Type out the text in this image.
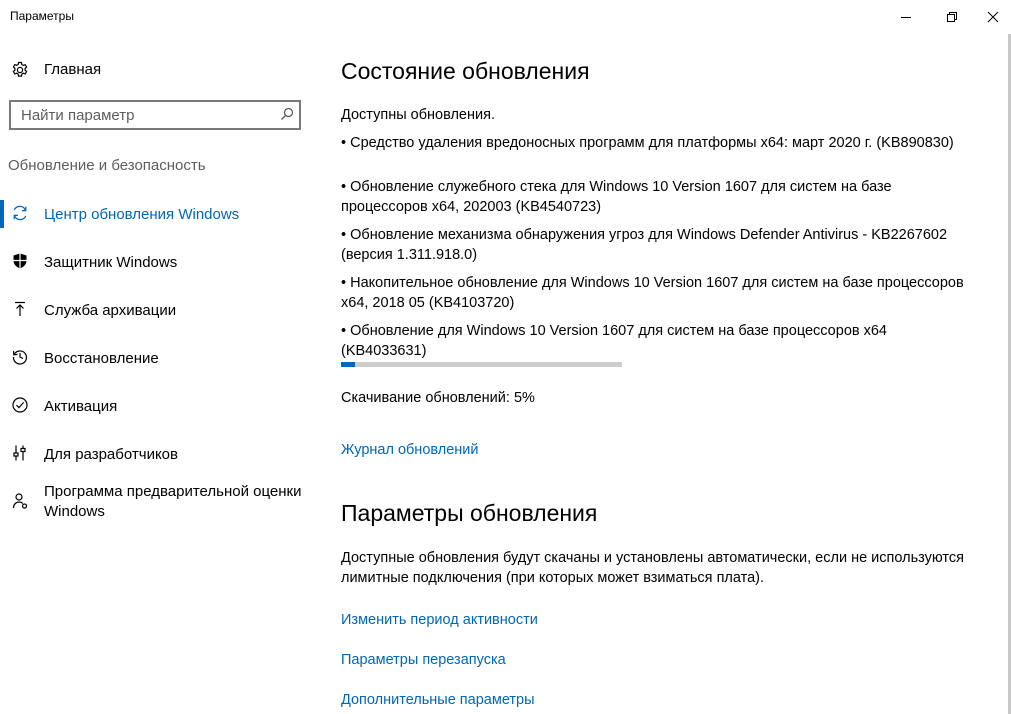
Параметры
Главная
Найти параметр
Обновление и безопасность
Центр обновления Windows
Защитник Windows
Служба архивации
Восстановление
Активация
Для разработчиков
Программа предварительной оценки Windows
Состояние обновления
Доступны обновления.
• Средство удаления вредоносных программ для платформы x64: март 2020 г. (KB890830)
• Обновление служебного стека для Windows 10 Version 1607 для систем на базе процессоров x64, 202003 (KB4540723)
• Обновление механизма обнаружения угроз для Windows Defender Antivirus - KB2267602 (версия 1.311.918.0)
• Накопительное обновление для Windows 10 Version 1607 для систем на базе процессоров x64, 2018 05 (KB4103720)
• Обновление для Windows 10 Version 1607 для систем на базе процессоров x64 (KB4033631)
Скачивание обновлений: 5%
Журнал обновлений
Параметры обновления
Доступные обновления будут скачаны и установлены автоматически, если не используются лимитные подключения (при которых может взиматься плата).
Изменить период активности
Параметры перезапуска
Дополнительные параметры
